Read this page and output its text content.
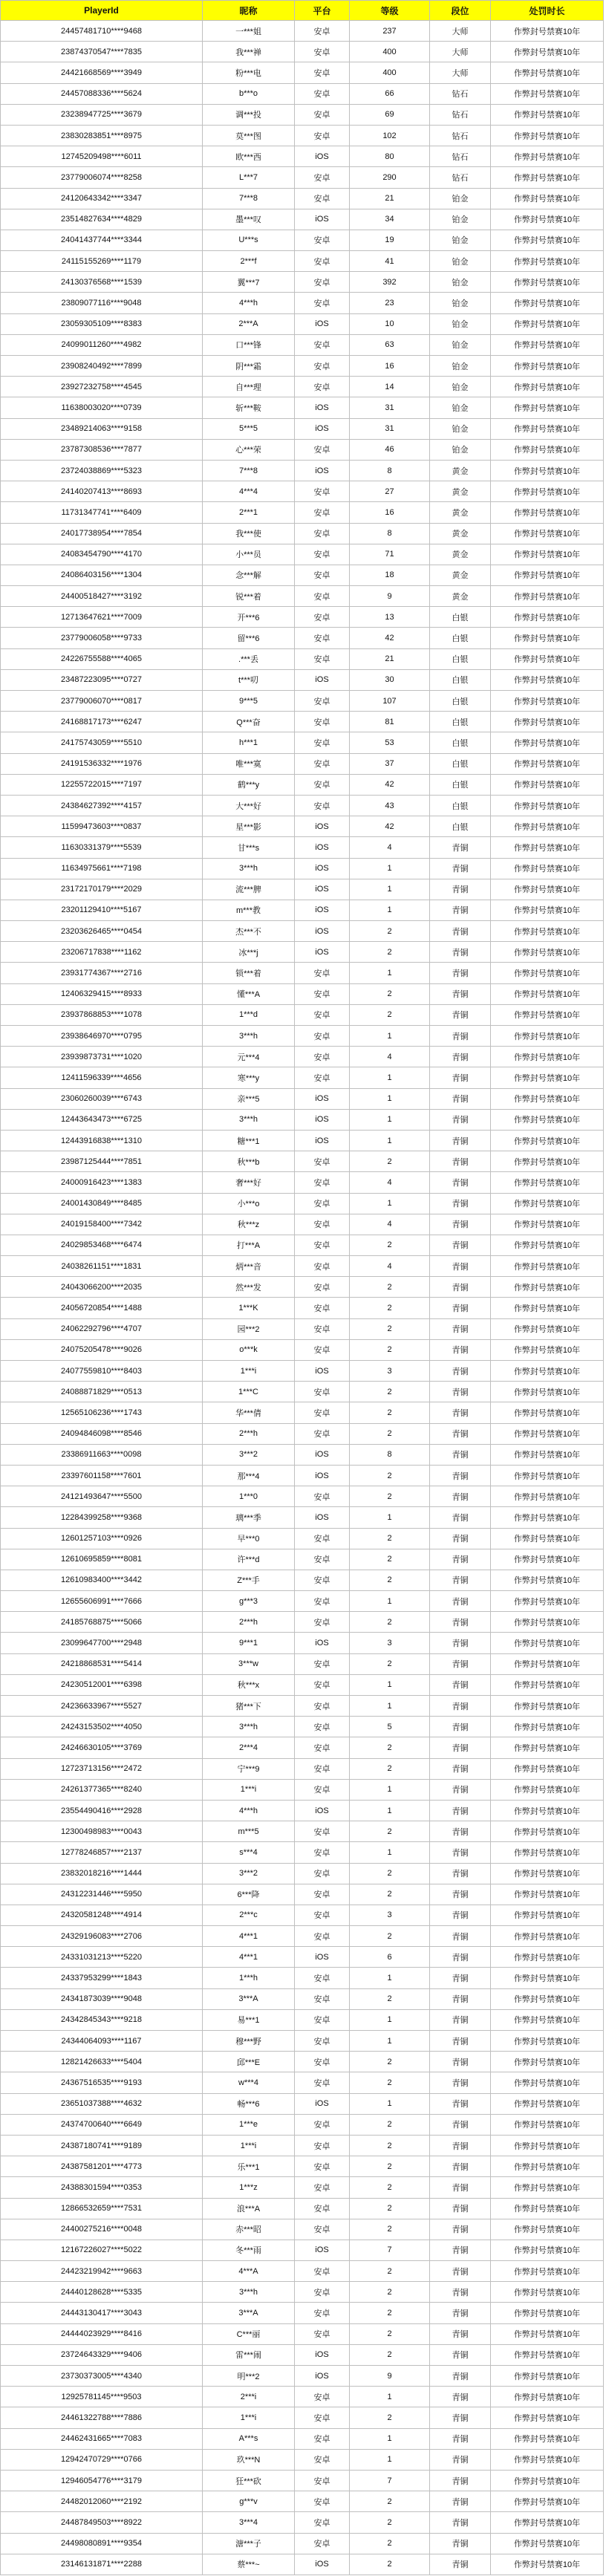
PlayerId	昵称	平台	等级	段位	处罚时长
24457481710****9468	一***姐	安卓	237	大师	作弊封号禁赛10年
23874370547****7835	我***禅	安卓	400	大师	作弊封号禁赛10年
24421668569****3949	粉***电	安卓	400	大师	作弊封号禁赛10年
24457088336****5624	b***o	安卓	66	钻石	作弊封号禁赛10年
23238947725****3679	调***投	安卓	69	钻石	作弊封号禁赛10年
23830283851****8975	莫***图	安卓	102	钻石	作弊封号禁赛10年
12745209498****6011	欧***西	iOS	80	钻石	作弊封号禁赛10年
23779006074****8258	L***7	安卓	290	钻石	作弊封号禁赛10年
24120643342****3347	7***8	安卓	21	铂金	作弊封号禁赛10年
23514827634****4829	墨***叹	iOS	34	铂金	作弊封号禁赛10年
24041437744****3344	U***s	安卓	19	铂金	作弊封号禁赛10年
24115155269****1179	2***f	安卓	41	铂金	作弊封号禁赛10年
24130376568****1539	翼***7	安卓	392	铂金	作弊封号禁赛10年
23809077116****9048	4***h	安卓	23	铂金	作弊封号禁赛10年
23059305109****8383	2***A	iOS	10	铂金	作弊封号禁赛10年
24099011260****4982	口***锋	安卓	63	铂金	作弊封号禁赛10年
23908240492****7899	阴***霜	安卓	16	铂金	作弊封号禁赛10年
23927232758****4545	自***理	安卓	14	铂金	作弊封号禁赛10年
11638003020****0739	斩***鞍	iOS	31	铂金	作弊封号禁赛10年
23489214063****9158	5***5	iOS	31	铂金	作弊封号禁赛10年
23787308536****7877	心***荣	安卓	46	铂金	作弊封号禁赛10年
23724038869****5323	7***8	iOS	8	黄金	作弊封号禁赛10年
24140207413****8693	4***4	安卓	27	黄金	作弊封号禁赛10年
11731347741****6409	2***1	安卓	16	黄金	作弊封号禁赛10年
24017738954****7854	我***使	安卓	8	黄金	作弊封号禁赛10年
24083454790****4170	小***员	安卓	71	黄金	作弊封号禁赛10年
24086403156****1304	念***解	安卓	18	黄金	作弊封号禁赛10年
24400518427****3192	锐***着	安卓	9	黄金	作弊封号禁赛10年
12713647621****7009	开***6	安卓	13	白银	作弊封号禁赛10年
23779006058****9733	留***6	安卓	42	白银	作弊封号禁赛10年
24226755588****4065	.***丢	安卓	21	白银	作弊封号禁赛10年
23487223095****0727	t***叨	iOS	30	白银	作弊封号禁赛10年
23779006070****0817	9***5	安卓	107	白银	作弊封号禁赛10年
24168817173****6247	Q***奋	安卓	81	白银	作弊封号禁赛10年
24175743059****5510	h***1	安卓	53	白银	作弊封号禁赛10年
24191536332****1976	唯***寞	安卓	37	白银	作弊封号禁赛10年
12255722015****7197	鹤***y	安卓	42	白银	作弊封号禁赛10年
24384627392****4157	大***好	安卓	43	白银	作弊封号禁赛10年
11599473603****0837	星***影	iOS	42	白银	作弊封号禁赛10年
11630331379****5539	甘***s	iOS	4	青铜	作弊封号禁赛10年
11634975661****7198	3***h	iOS	1	青铜	作弊封号禁赛10年
23172170179****2029	流***脾	iOS	1	青铜	作弊封号禁赛10年
23201129410****5167	m***教	iOS	1	青铜	作弊封号禁赛10年
23203626465****0454	杰***不	iOS	2	青铜	作弊封号禁赛10年
23206717838****1162	冰***j	iOS	2	青铜	作弊封号禁赛10年
23931774367****2716	锁***着	安卓	1	青铜	作弊封号禁赛10年
12406329415****8933	懂***A	安卓	2	青铜	作弊封号禁赛10年
23937868853****1078	1***d	安卓	2	青铜	作弊封号禁赛10年
23938646970****0795	3***h	安卓	1	青铜	作弊封号禁赛10年
23939873731****1020	元***4	安卓	4	青铜	作弊封号禁赛10年
12411596339****4656	寒***y	安卓	1	青铜	作弊封号禁赛10年
23060260039****6743	亲***5	iOS	1	青铜	作弊封号禁赛10年
12443643473****6725	3***h	iOS	1	青铜	作弊封号禁赛10年
12443916838****1310	糖***1	iOS	1	青铜	作弊封号禁赛10年
23987125444****7851	秋***b	安卓	2	青铜	作弊封号禁赛10年
24000916423****1383	奢***好	安卓	4	青铜	作弊封号禁赛10年
24001430849****8485	小***o	安卓	1	青铜	作弊封号禁赛10年
24019158400****7342	秋***z	安卓	4	青铜	作弊封号禁赛10年
24029853468****6474	打***A	安卓	2	青铜	作弊封号禁赛10年
24038261151****1831	炳***音	安卓	4	青铜	作弊封号禁赛10年
24043066200****2035	然***发	安卓	2	青铜	作弊封号禁赛10年
24056720854****1488	1***K	安卓	2	青铜	作弊封号禁赛10年
24062292796****4707	园***2	安卓	2	青铜	作弊封号禁赛10年
24075205478****9026	o***k	安卓	2	青铜	作弊封号禁赛10年
24077559810****8403	1***i	iOS	3	青铜	作弊封号禁赛10年
24088871829****0513	1***C	安卓	2	青铜	作弊封号禁赛10年
12565106236****1743	华***倩	安卓	2	青铜	作弊封号禁赛10年
24094846098****8546	2***h	安卓	2	青铜	作弊封号禁赛10年
23386911663****0098	3***2	iOS	8	青铜	作弊封号禁赛10年
23397601158****7601	那***4	iOS	2	青铜	作弊封号禁赛10年
24121493647****5500	1***0	安卓	2	青铜	作弊封号禁赛10年
12284399258****9368	璃***季	iOS	1	青铜	作弊封号禁赛10年
12601257103****0926	早***0	安卓	2	青铜	作弊封号禁赛10年
12610695859****8081	许***d	安卓	2	青铜	作弊封号禁赛10年
12610983400****3442	Z***手	安卓	2	青铜	作弊封号禁赛10年
12655606991****7666	g***3	安卓	1	青铜	作弊封号禁赛10年
24185768875****5066	2***h	安卓	2	青铜	作弊封号禁赛10年
23099647700****2948	9***1	iOS	3	青铜	作弊封号禁赛10年
24218868531****5414	3***w	安卓	2	青铜	作弊封号禁赛10年
24230512001****6398	秋***x	安卓	1	青铜	作弊封号禁赛10年
24236633967****5527	猪***下	安卓	1	青铜	作弊封号禁赛10年
24243153502****4050	3***h	安卓	5	青铜	作弊封号禁赛10年
24246630105****3769	2***4	安卓	2	青铜	作弊封号禁赛10年
12723713156****2472	宁***9	安卓	2	青铜	作弊封号禁赛10年
24261377365****8240	1***i	安卓	1	青铜	作弊封号禁赛10年
23554490416****2928	4***h	iOS	1	青铜	作弊封号禁赛10年
12300498983****0043	m***5	安卓	2	青铜	作弊封号禁赛10年
12778246857****2137	s***4	安卓	1	青铜	作弊封号禁赛10年
23832018216****1444	3***2	安卓	2	青铜	作弊封号禁赛10年
24312231446****5950	6***降	安卓	2	青铜	作弊封号禁赛10年
24320581248****4914	2***c	安卓	3	青铜	作弊封号禁赛10年
24329196083****2706	4***1	安卓	2	青铜	作弊封号禁赛10年
24331031213****5220	4***1	iOS	6	青铜	作弊封号禁赛10年
24337953299****1843	1***h	安卓	1	青铜	作弊封号禁赛10年
24341873039****9048	3***A	安卓	2	青铜	作弊封号禁赛10年
24342845343****9218	易***1	安卓	1	青铜	作弊封号禁赛10年
24344064093****1167	穆***野	安卓	1	青铜	作弊封号禁赛10年
12821426633****5404	邱***E	安卓	2	青铜	作弊封号禁赛10年
24367516535****9193	w***4	安卓	2	青铜	作弊封号禁赛10年
23651037388****4632	畅***6	iOS	1	青铜	作弊封号禁赛10年
24374700640****6649	1***e	安卓	2	青铜	作弊封号禁赛10年
24387180741****9189	1***i	安卓	2	青铜	作弊封号禁赛10年
24387581201****4773	乐***1	安卓	2	青铜	作弊封号禁赛10年
24388301594****0353	1***z	安卓	2	青铜	作弊封号禁赛10年
12866532659****7531	浪***A	安卓	2	青铜	作弊封号禁赛10年
24400275216****0048	赤***昭	安卓	2	青铜	作弊封号禁赛10年
12167226027****5022	冬***雨	iOS	7	青铜	作弊封号禁赛10年
24423219942****9663	4***A	安卓	2	青铜	作弊封号禁赛10年
24440128628****5335	3***h	安卓	2	青铜	作弊封号禁赛10年
24443130417****3043	3***A	安卓	2	青铜	作弊封号禁赛10年
24444023929****8416	C***丽	安卓	2	青铜	作弊封号禁赛10年
23724643329****9406	雷***闹	iOS	2	青铜	作弊封号禁赛10年
23730373005****4340	明***2	iOS	9	青铜	作弊封号禁赛10年
12925781145****9503	2***i	安卓	1	青铜	作弊封号禁赛10年
24461322788****7886	1***i	安卓	2	青铜	作弊封号禁赛10年
24462431665****7083	A***s	安卓	1	青铜	作弊封号禁赛10年
12942470729****0766	玖***N	安卓	1	青铜	作弊封号禁赛10年
12946054776****3179	狂***砍	安卓	7	青铜	作弊封号禁赛10年
24482012060****2192	g***v	安卓	2	青铜	作弊封号禁赛10年
24487849503****8922	3***4	安卓	2	青铜	作弊封号禁赛10年
24498080891****9354	溏***子	安卓	2	青铜	作弊封号禁赛10年
23146131871****2288	蔡***~	iOS	2	青铜	作弊封号禁赛10年
